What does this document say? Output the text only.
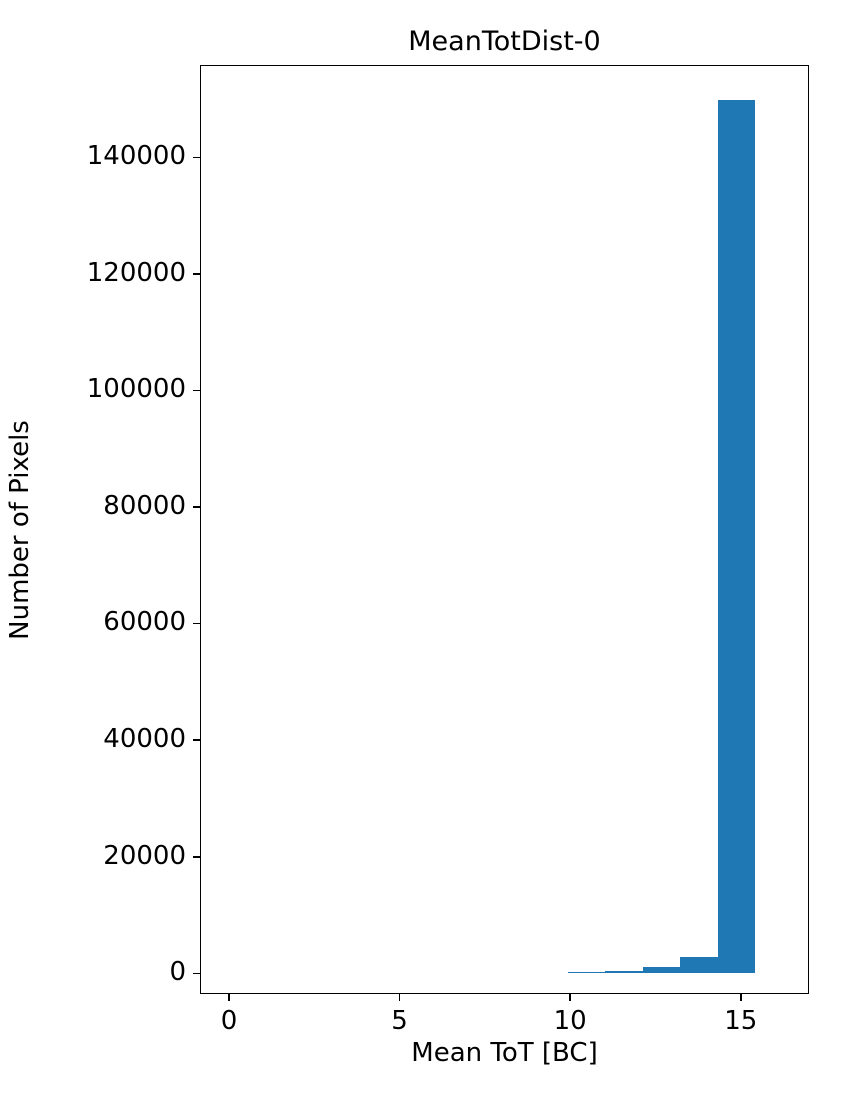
MeanTotDist-0
0
20000
40000
60000
80000
100000
120000
140000
0	5	10	15
Mean ToT [BC]
Number of Pixels
